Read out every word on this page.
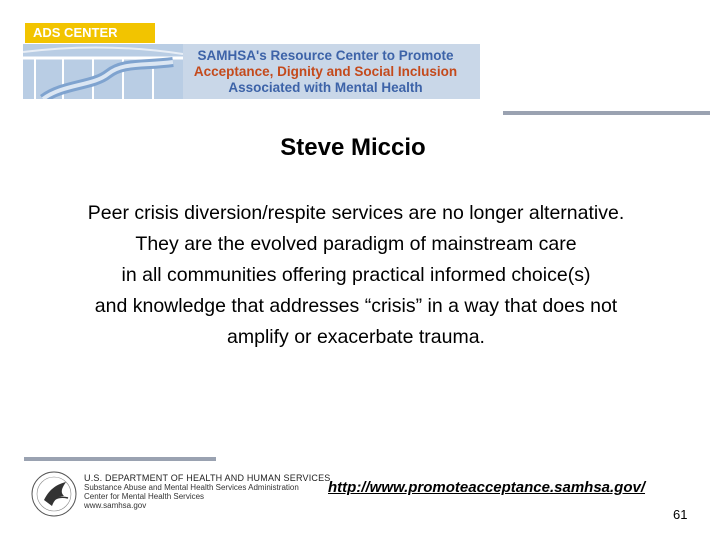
ADS CENTER
SAMHSA's Resource Center to Promote
Acceptance, Dignity and Social Inclusion
Associated with Mental Health
Steve Miccio
Peer crisis diversion/respite services are no longer alternative.
They are the evolved paradigm of mainstream care
in all communities offering practical informed choice(s)
and knowledge that addresses “crisis” in a way that does not
amplify or exacerbate trauma.
U.S. DEPARTMENT OF HEALTH AND HUMAN SERVICES
Substance Abuse and Mental Health Services Administration
Center for Mental Health Services
www.samhsa.gov
http://www.promoteacceptance.samhsa.gov/
61
